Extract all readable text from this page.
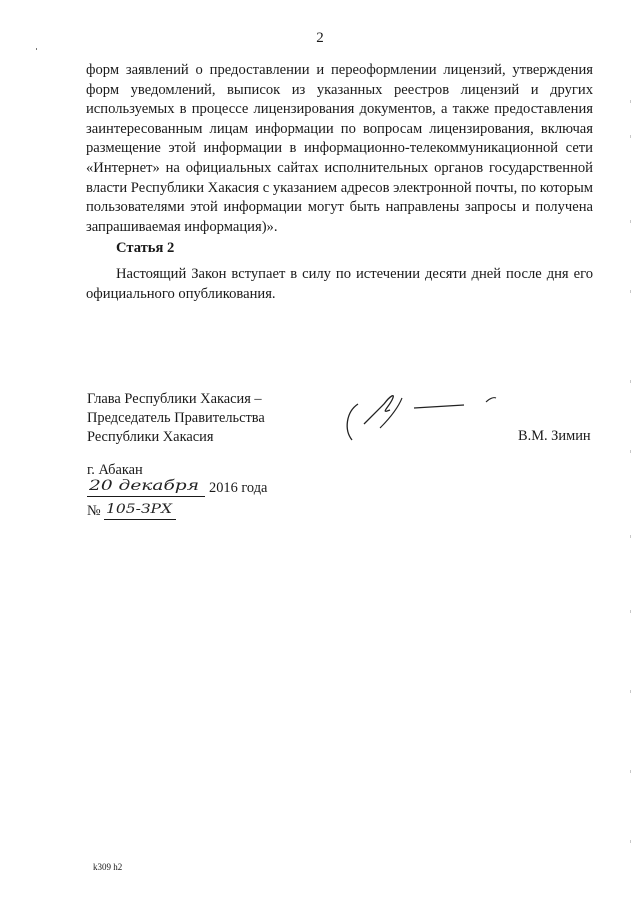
2

форм заявлений о предоставлении и переоформлении лицензий, утверждения форм уведомлений, выписок из указанных реестров лицензий и других используемых в процессе лицензирования документов, а также предоставления заинтересованным лицам информации по вопросам лицензирования, включая размещение этой информации в информационно-телекоммуникационной сети «Интернет» на официальных сайтах исполнительных органов государственной власти Республики Хакасия с указанием адресов электронной почты, по которым пользователями этой информации могут быть направлены запросы и получена запрашиваемая информация)».

Статья 2

Настоящий Закон вступает в силу по истечении десяти дней после дня его официального опубликования.

Глава Республики Хакасия –
Председатель Правительства
Республики Хакасия	В.М. Зимин
г. Абакан
20 декабря 2016 года
№ 105-ЗРХ
k309 h2
